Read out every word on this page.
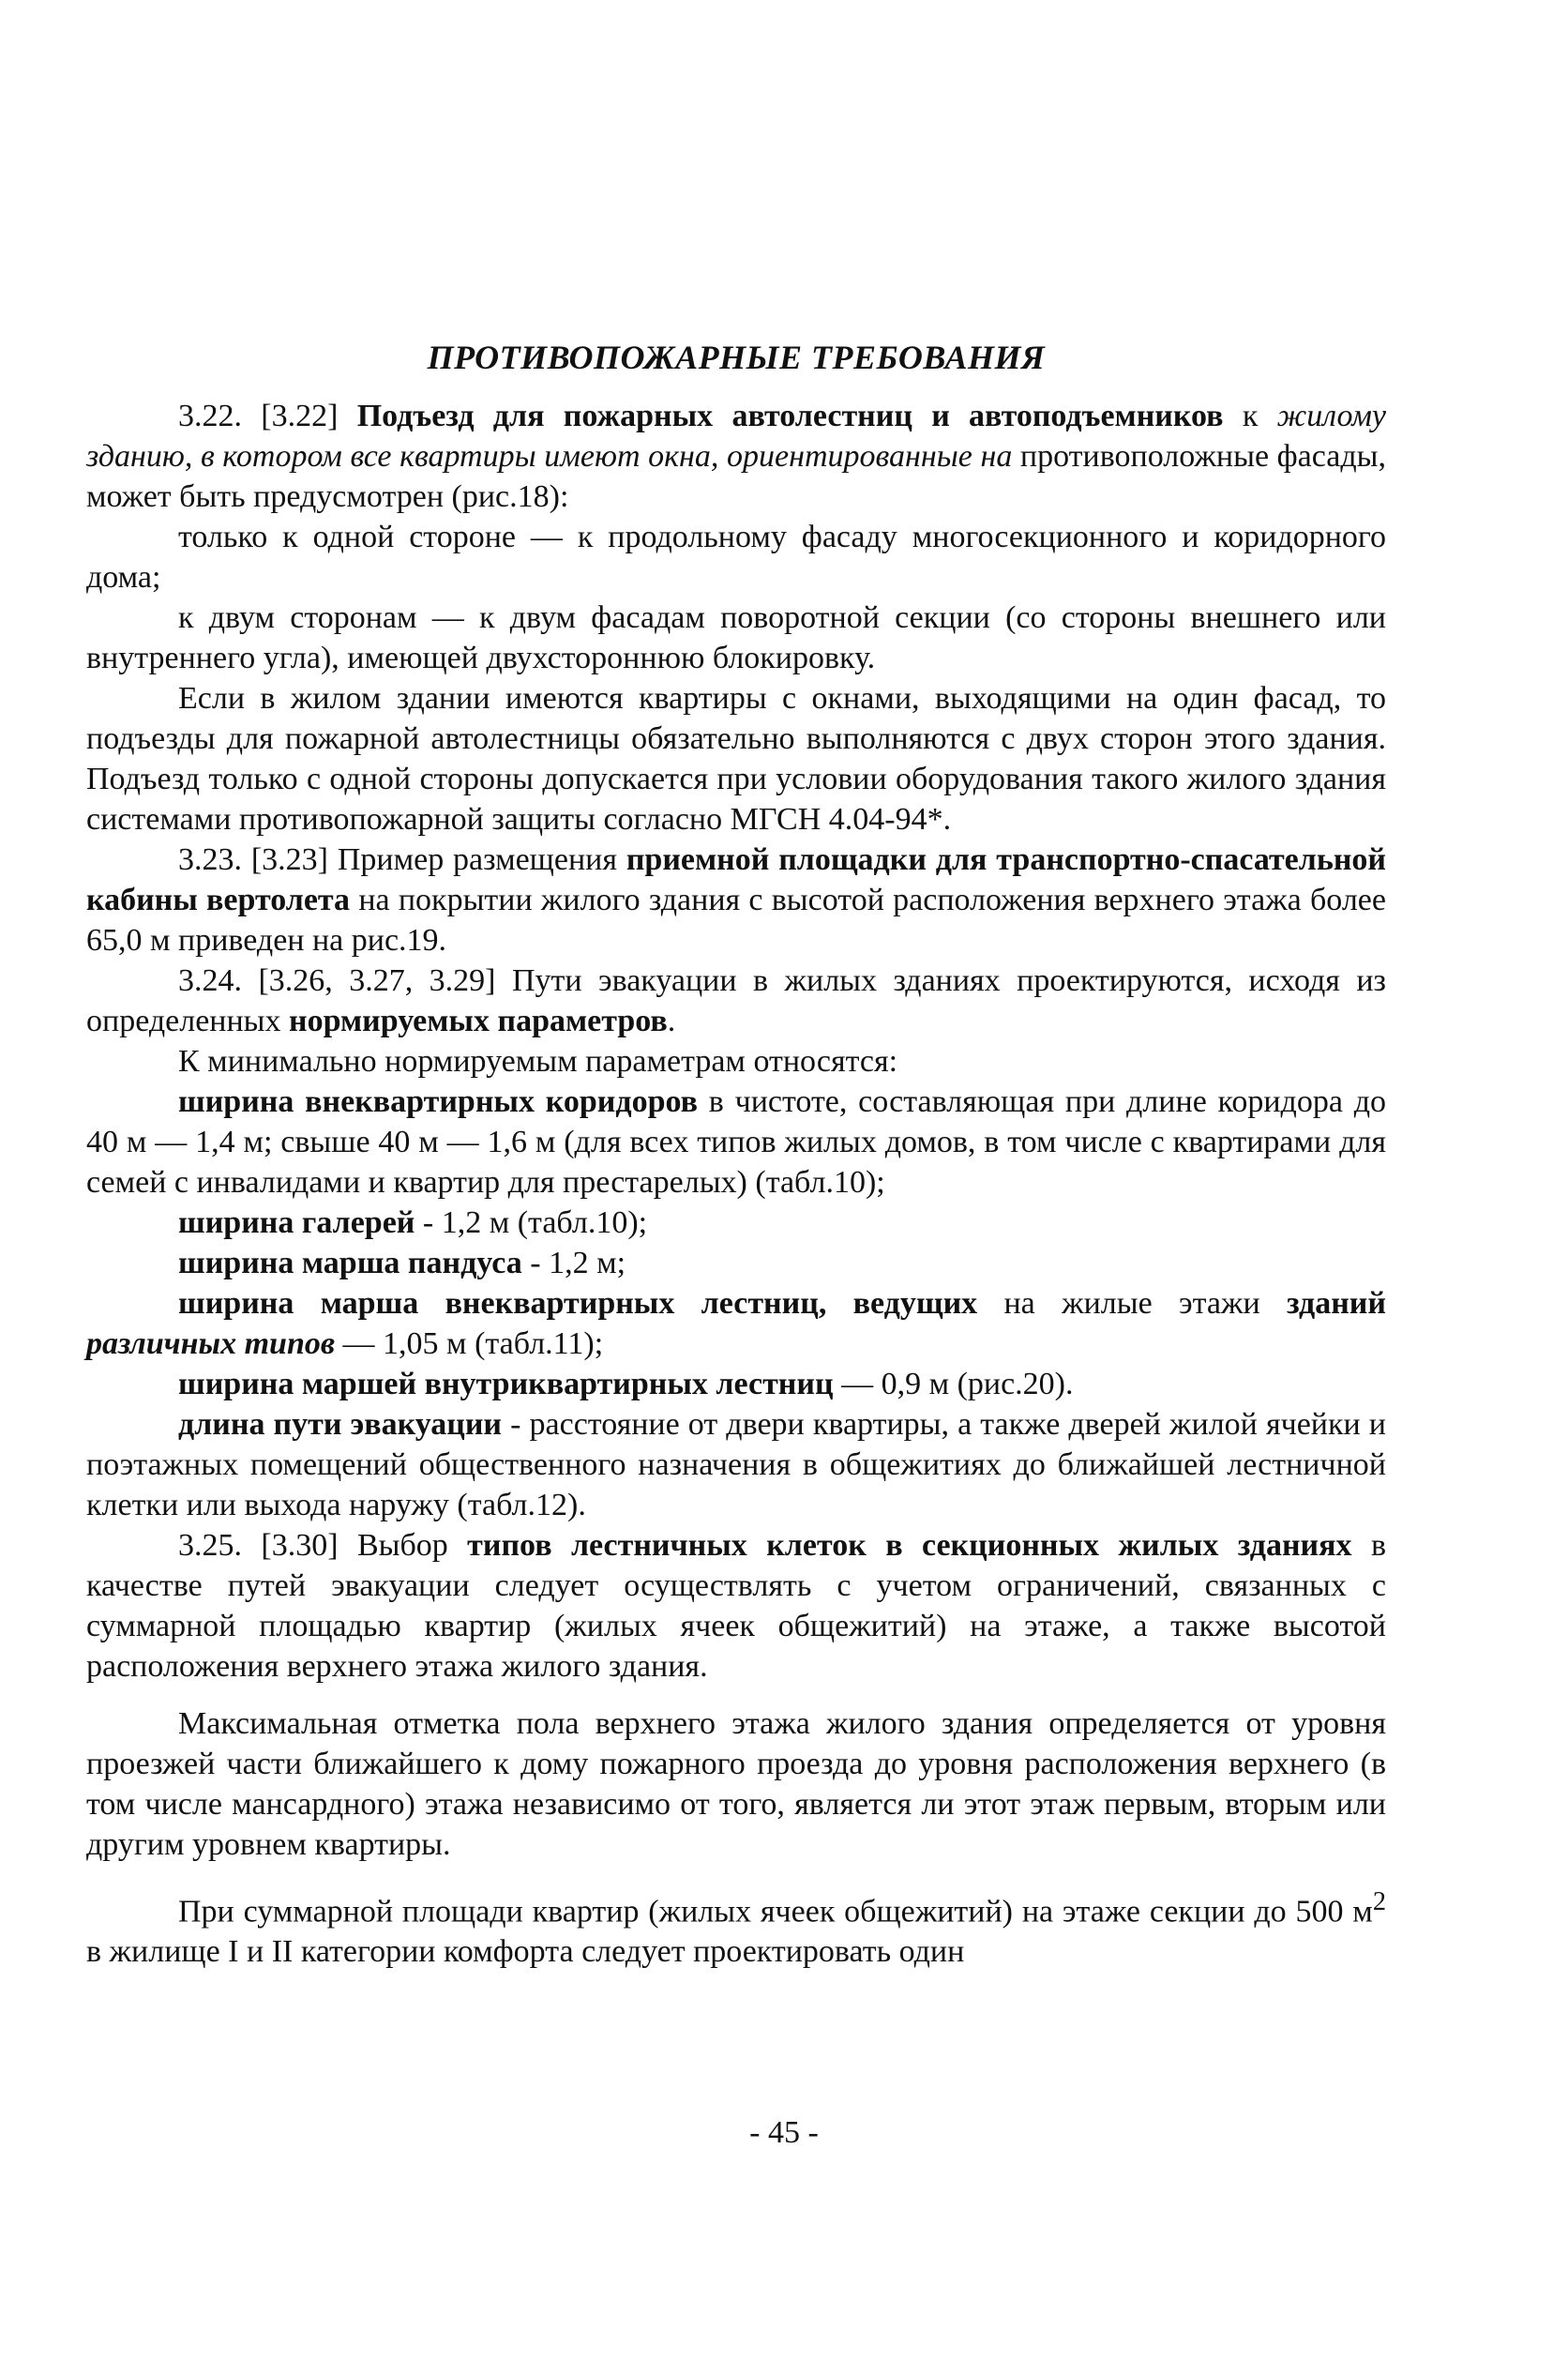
ПРОТИВОПОЖАРНЫЕ ТРЕБОВАНИЯ

3.22. [3.22] Подъезд для пожарных автолестниц и автоподъемников к жилому зданию, в котором все квартиры имеют окна, ориентированные на противоположные фасады, может быть предусмотрен (рис.18):

только к одной стороне — к продольному фасаду многосекционного и коридорного дома;

к двум сторонам — к двум фасадам поворотной секции (со стороны внешнего или внутреннего угла), имеющей двухстороннюю блокировку.

Если в жилом здании имеются квартиры с окнами, выходящими на один фасад, то подъезды для пожарной автолестницы обязательно выполняются с двух сторон этого здания. Подъезд только с одной стороны допускается при условии оборудования такого жилого здания системами противопожарной защиты согласно МГСН 4.04-94*.

3.23. [3.23] Пример размещения приемной площадки для транспортно-спасательной кабины вертолета на покрытии жилого здания с высотой расположения верхнего этажа более 65,0 м приведен на рис.19.

3.24. [3.26, 3.27, 3.29] Пути эвакуации в жилых зданиях проектируются, исходя из определенных нормируемых параметров.

К минимально нормируемым параметрам относятся:

ширина внеквартирных коридоров в чистоте, составляющая при длине коридора до 40 м — 1,4 м; свыше 40 м — 1,6 м (для всех типов жилых домов, в том числе с квартирами для семей с инвалидами и квартир для престарелых) (табл.10);

ширина галерей - 1,2 м (табл.10);

ширина марша пандуса - 1,2 м;

ширина марша внеквартирных лестниц, ведущих на жилые этажи зданий различных типов — 1,05 м (табл.11);

ширина маршей внутриквартирных лестниц — 0,9 м (рис.20).

длина пути эвакуации - расстояние от двери квартиры, а также дверей жилой ячейки и поэтажных помещений общественного назначения в общежитиях до ближайшей лестничной клетки или выхода наружу (табл.12).

3.25. [3.30] Выбор типов лестничных клеток в секционных жилых зданиях в качестве путей эвакуации следует осуществлять с учетом ограничений, связанных с суммарной площадью квартир (жилых ячеек общежитий) на этаже, а также высотой расположения верхнего этажа жилого здания.

Максимальная отметка пола верхнего этажа жилого здания определяется от уровня проезжей части ближайшего к дому пожарного проезда до уровня расположения верхнего (в том числе мансардного) этажа независимо от того, является ли этот этаж первым, вторым или другим уровнем квартиры.

При суммарной площади квартир (жилых ячеек общежитий) на этаже секции до 500 $м^2$ в жилище I и II категории комфорта следует проектировать один

- 45 -
